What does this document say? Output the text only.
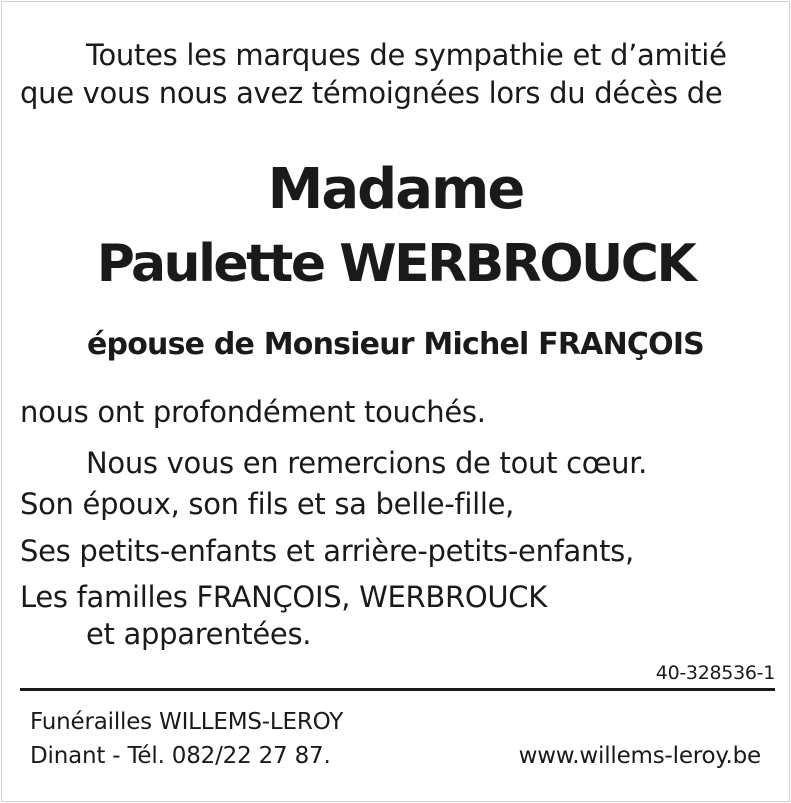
Toutes les marques de sympathie et d’amitié
que vous nous avez témoignées lors du décès de
Madame
Paulette WERBROUCK
épouse de Monsieur Michel FRANÇOIS
nous ont profondément touchés.
Nous vous en remercions de tout cœur.
Son époux, son fils et sa belle-fille,
Ses petits-enfants et arrière-petits-enfants,
Les familles FRANÇOIS, WERBROUCK
et apparentées.
40-328536-1
Funérailles WILLEMS-LEROY
Dinant - Tél. 082/22 27 87.	www.willems-leroy.be
